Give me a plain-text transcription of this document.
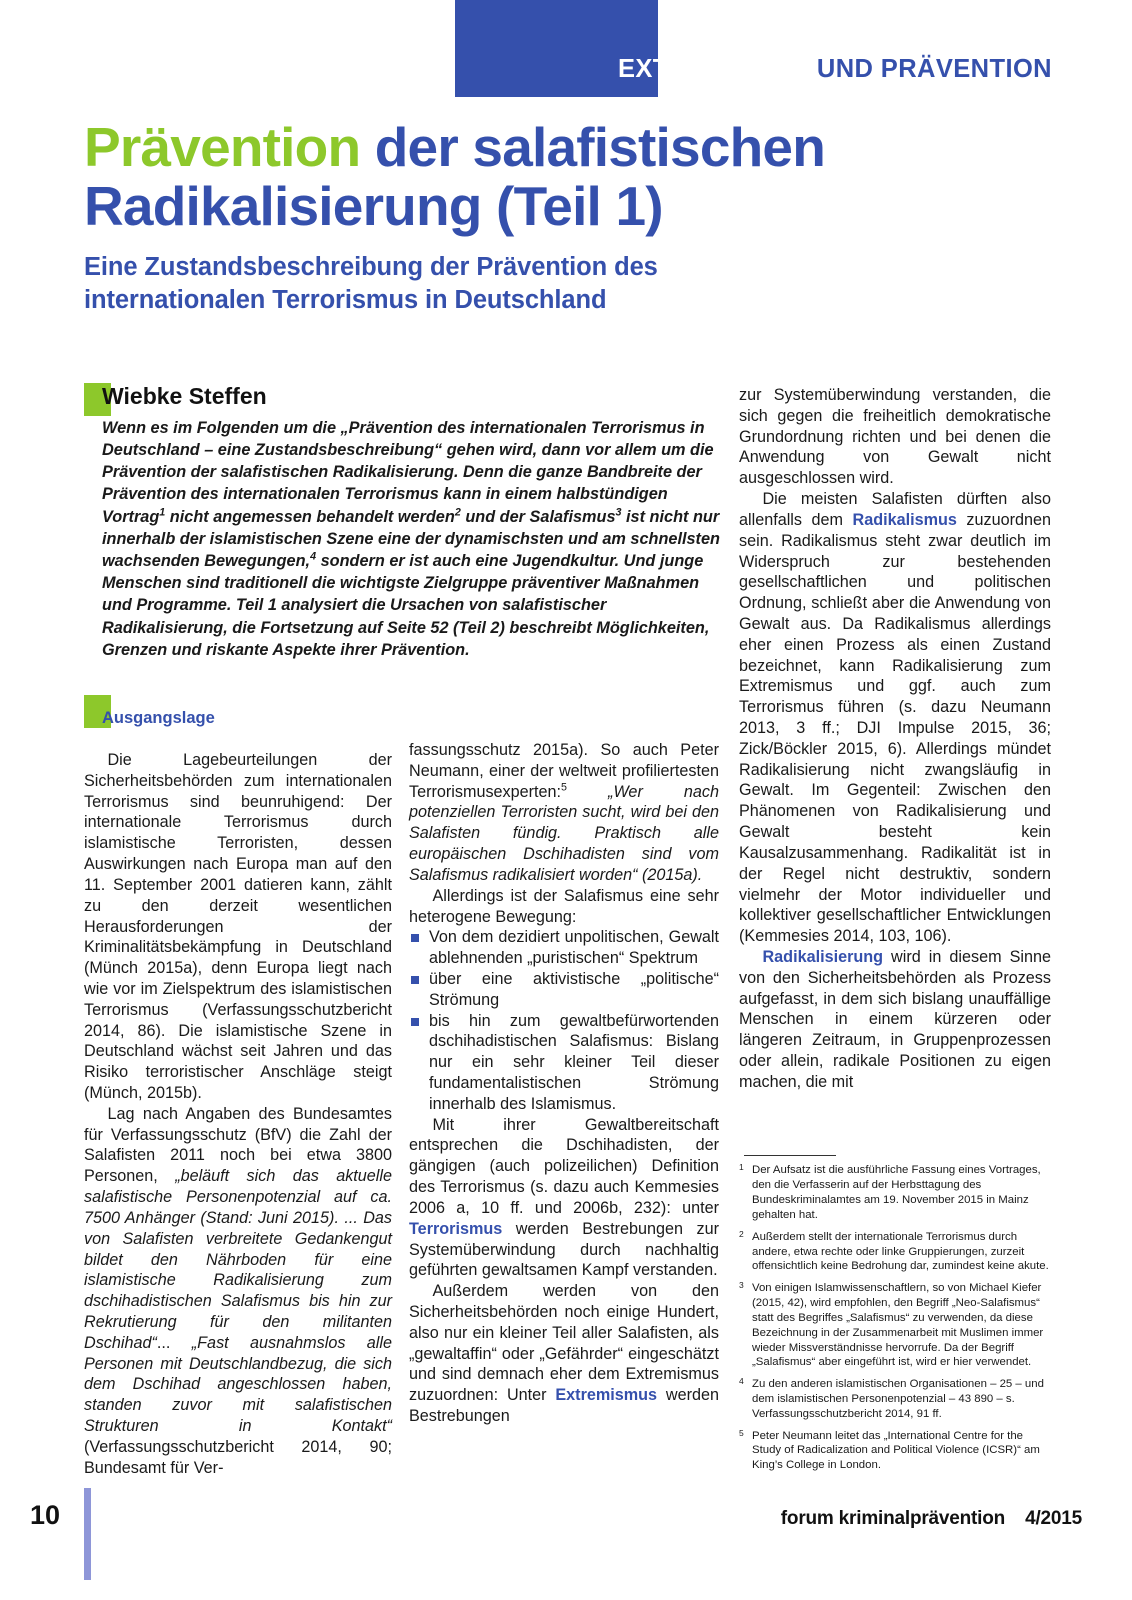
EXTREMISMUS UND PRÄVENTION
Prävention der salafistischen
Radikalisierung (Teil 1)
Eine Zustandsbeschreibung der Prävention des
internationalen Terrorismus in Deutschland
Wiebke Steffen
Wenn es im Folgenden um die „Prävention des internationalen Terrorismus in Deutschland – eine Zustandsbeschreibung“ gehen wird, dann vor allem um die Prävention der salafistischen Radikalisierung. Denn die ganze Bandbreite der Prävention des internationalen Terrorismus kann in einem halbstündigen Vortrag$^1$ nicht angemessen behandelt werden$^2$ und der Salafismus$^3$ ist nicht nur innerhalb der islamistischen Szene eine der dynamischsten und am schnellsten wachsenden Bewegungen,$^4$ sondern er ist auch eine Jugendkultur. Und junge Menschen sind traditionell die wichtigste Zielgruppe präventiver Maßnahmen und Programme. Teil 1 analysiert die Ursachen von salafistischer Radikalisierung, die Fortsetzung auf Seite 52 (Teil 2) beschreibt Möglichkeiten, Grenzen und riskante Aspekte ihrer Prävention.
Ausgangslage

Die Lagebeurteilungen der Sicherheitsbehörden zum internationalen Terrorismus sind beunruhigend: Der internationale Terrorismus durch islamistische Terroristen, dessen Auswirkungen nach Europa man auf den 11. September 2001 datieren kann, zählt zu den derzeit wesentlichen Herausforderungen der Kriminalitätsbekämpfung in Deutschland (Münch 2015a), denn Europa liegt nach wie vor im Zielspektrum des islamistischen Terrorismus (Verfassungsschutzbericht 2014, 86). Die islamistische Szene in Deutschland wächst seit Jahren und das Risiko terroristischer Anschläge steigt (Münch, 2015b).

Lag nach Angaben des Bundesamtes für Verfassungsschutz (BfV) die Zahl der Salafisten 2011 noch bei etwa 3800 Personen, „beläuft sich das aktuelle salafistische Personenpotenzial auf ca. 7500 Anhänger (Stand: Juni 2015). ... Das von Salafisten verbreitete Gedankengut bildet den Nährboden für eine islamistische Radikalisierung zum dschihadistischen Salafismus bis hin zur Rekrutierung für den militanten Dschihad“... „Fast ausnahmslos alle Personen mit Deutschlandbezug, die sich dem Dschihad angeschlossen haben, standen zuvor mit salafistischen Strukturen in Kontakt“ (Verfassungsschutzbericht 2014, 90; Bundesamt für Ver-

fassungsschutz 2015a). So auch Peter Neumann, einer der weltweit profiliertesten Terrorismusexperten:$^5$ „Wer nach potenziellen Terroristen sucht, wird bei den Salafisten fündig. Praktisch alle europäischen Dschihadisten sind vom Salafismus radikalisiert worden“ (2015a).

Allerdings ist der Salafismus eine sehr heterogene Bewegung:

Von dem dezidiert unpolitischen, Gewalt ablehnenden „puristischen“ Spektrum
über eine aktivistische „politische“ Strömung
bis hin zum gewaltbefürwortenden dschihadistischen Salafismus: Bislang nur ein sehr kleiner Teil dieser fundamentalistischen Strömung innerhalb des Islamismus.

Mit ihrer Gewaltbereitschaft entsprechen die Dschihadisten, der gängigen (auch polizeilichen) Definition des Terrorismus (s. dazu auch Kemmesies 2006 a, 10 ff. und 2006b, 232): unter Terrorismus werden Bestrebungen zur Systemüberwindung durch nachhaltig geführten gewaltsamen Kampf verstanden.

Außerdem werden von den Sicherheitsbehörden noch einige Hundert, also nur ein kleiner Teil aller Salafisten, als „gewaltaffin“ oder „Gefährder“ eingeschätzt und sind demnach eher dem Extremismus zuzuordnen: Unter Extremismus werden Bestrebungen

zur Systemüberwindung verstanden, die sich gegen die freiheitlich demokratische Grundordnung richten und bei denen die Anwendung von Gewalt nicht ausgeschlossen wird.

Die meisten Salafisten dürften also allenfalls dem Radikalismus zuzuordnen sein. Radikalismus steht zwar deutlich im Widerspruch zur bestehenden gesellschaftlichen und politischen Ordnung, schließt aber die Anwendung von Gewalt aus. Da Radikalismus allerdings eher einen Prozess als einen Zustand bezeichnet, kann Radikalisierung zum Extremismus und ggf. auch zum Terrorismus führen (s. dazu Neumann 2013, 3 ff.; DJI Impulse 2015, 36; Zick/Böckler 2015, 6). Allerdings mündet Radikalisierung nicht zwangsläufig in Gewalt. Im Gegenteil: Zwischen den Phänomenen von Radikalisierung und Gewalt besteht kein Kausalzusammenhang. Radikalität ist in der Regel nicht destruktiv, sondern vielmehr der Motor individueller und kollektiver gesellschaftlicher Entwicklungen (Kemmesies 2014, 103, 106).

Radikalisierung wird in diesem Sinne von den Sicherheitsbehörden als Prozess aufgefasst, in dem sich bislang unauffällige Menschen in einem kürzeren oder längeren Zeitraum, in Gruppenprozessen oder allein, radikale Positionen zu eigen machen, die mit

1 Der Aufsatz ist die ausführliche Fassung eines Vortrages, den die Verfasserin auf der Herbsttagung des Bundeskriminalamtes am 19. November 2015 in Mainz gehalten hat.
2 Außerdem stellt der internationale Terrorismus durch andere, etwa rechte oder linke Gruppierungen, zurzeit offensichtlich keine Bedrohung dar, zumindest keine akute.
3 Von einigen Islamwissenschaftlern, so von Michael Kiefer (2015, 42), wird empfohlen, den Begriff „Neo-Salafismus“ statt des Begriffes „Salafismus“ zu verwenden, da diese Bezeichnung in der Zusammenarbeit mit Muslimen immer wieder Missverständnisse hervorrufe. Da der Begriff „Salafismus“ aber eingeführt ist, wird er hier verwendet.
4 Zu den anderen islamistischen Organisationen – 25 – und dem islamistischen Personenpotenzial – 43 890 – s. Verfassungsschutzbericht 2014, 91 ff.
5 Peter Neumann leitet das „International Centre for the Study of Radicalization and Political Violence (ICSR)“ am King’s College in London.
10	forum kriminalprävention 4/2015
